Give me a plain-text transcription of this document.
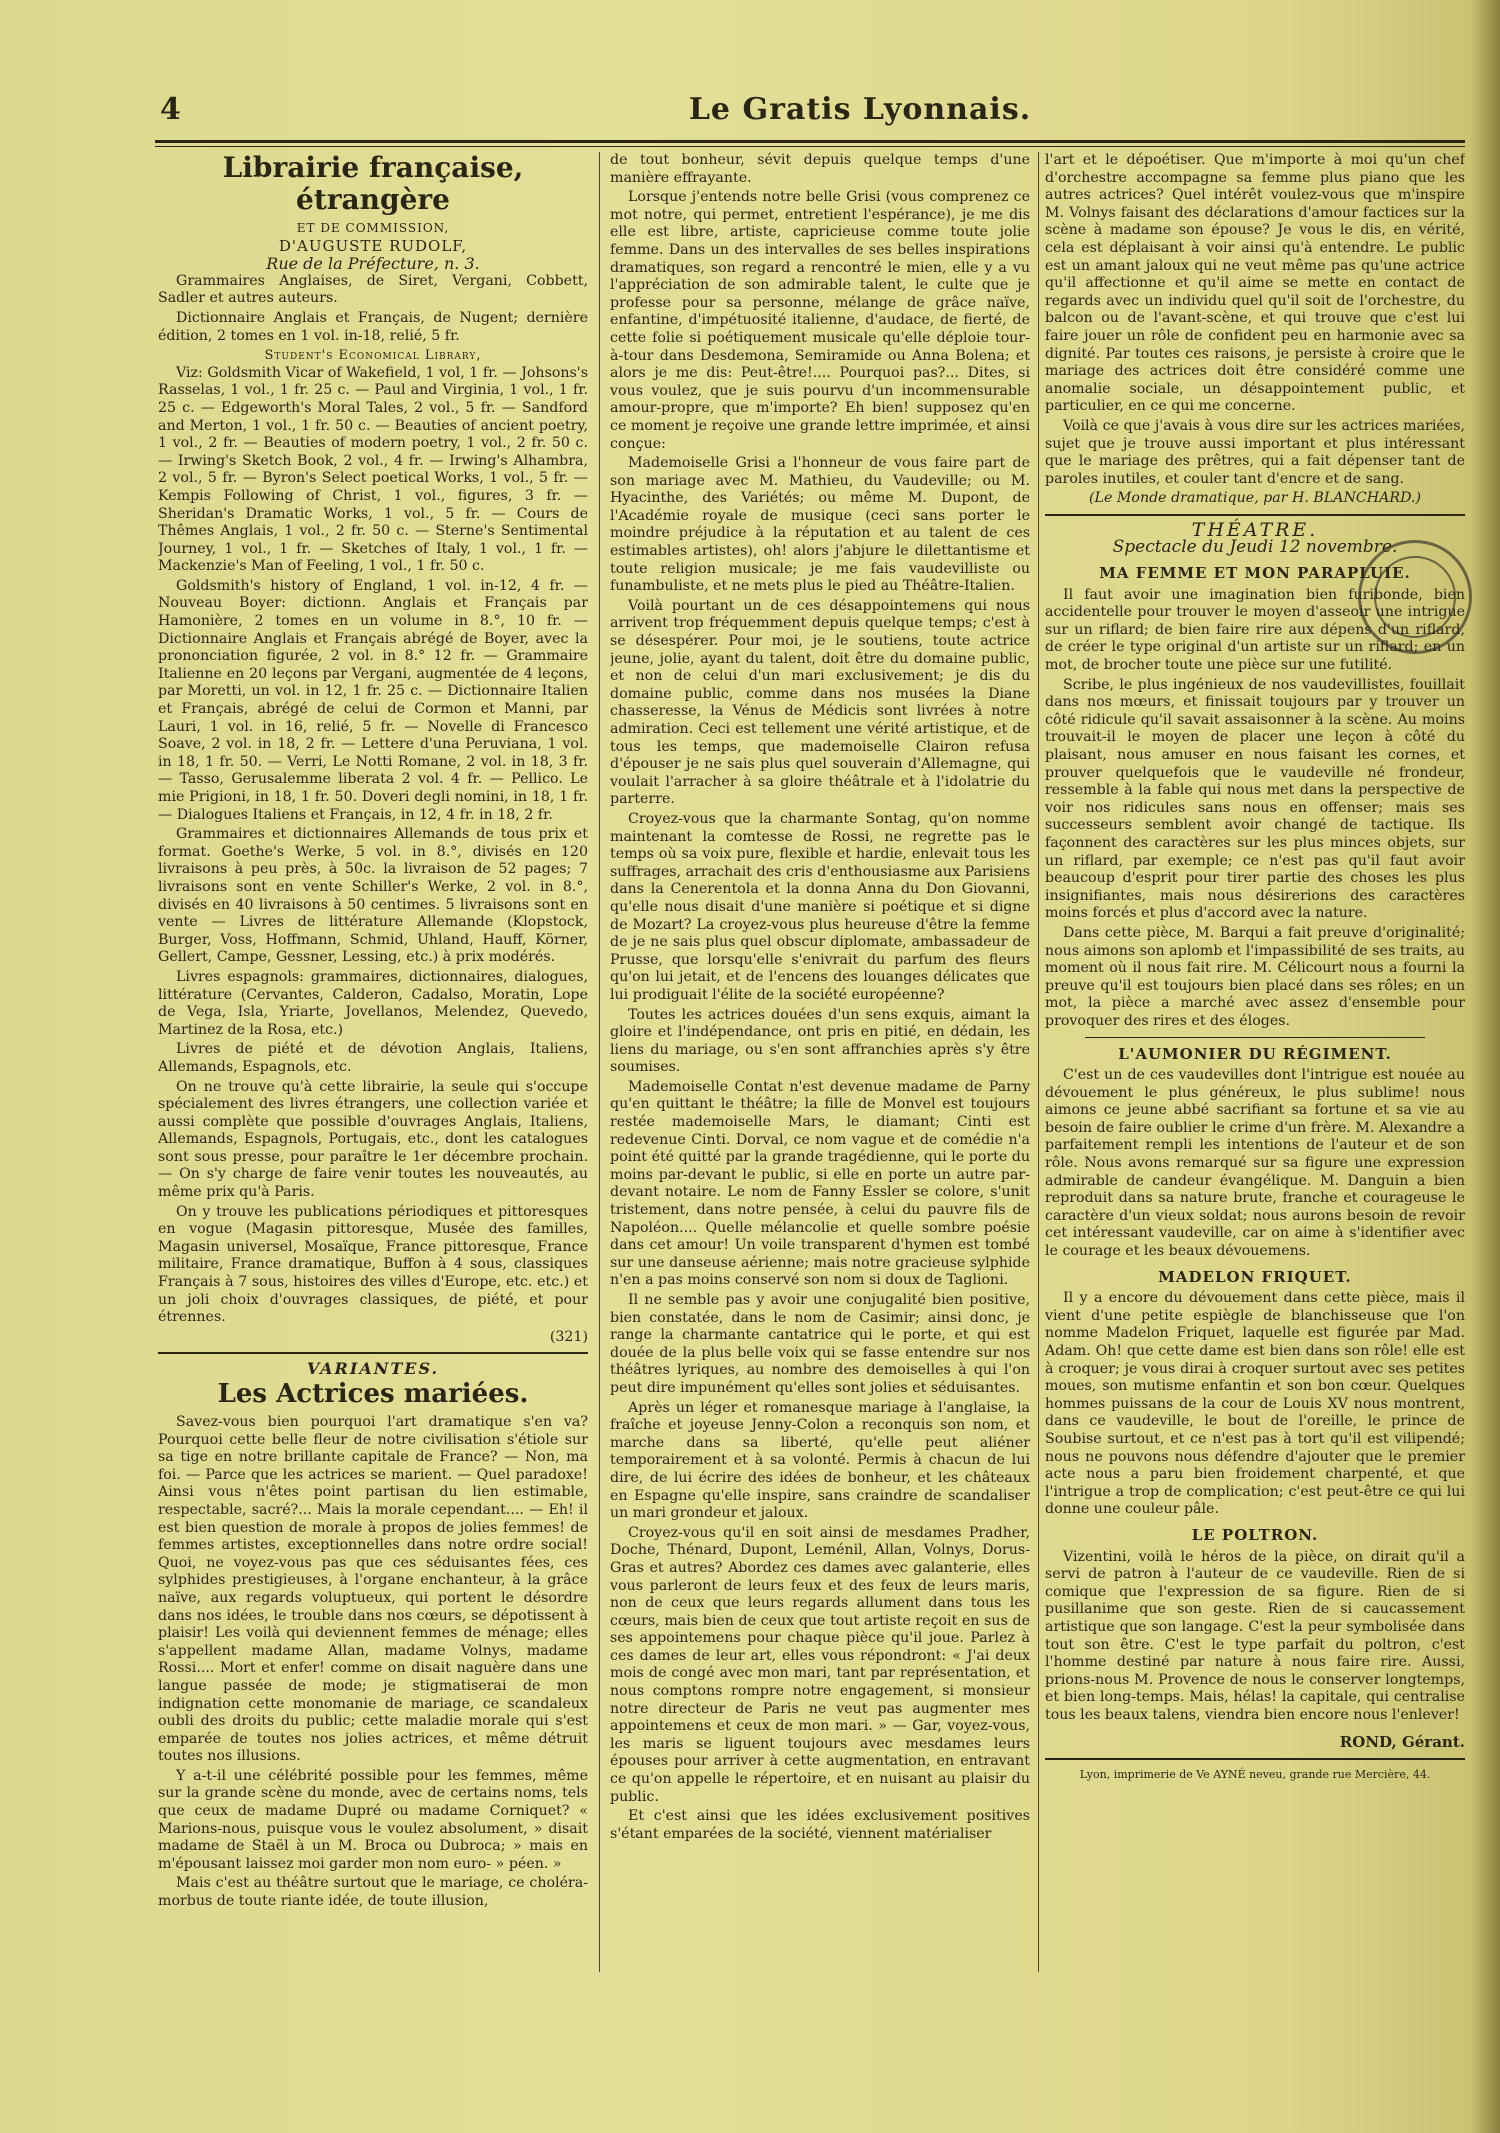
4	Le Gratis Lyonnais.
Librairie française, étrangère
ET DE COMMISSION,
D'AUGUSTE RUDOLF,
Rue de la Préfecture, n. 3.

Grammaires Anglaises, de Siret, Vergani, Cobbett, Sadler et autres auteurs.

Dictionnaire Anglais et Français, de Nugent; dernière édition, 2 tomes en 1 vol. in-18, relié, 5 fr.

Student's Economical Library,

Viz: Goldsmith Vicar of Wakefield, 1 vol, 1 fr. — Johsons's Rasselas, 1 vol., 1 fr. 25 c. — Paul and Virginia, 1 vol., 1 fr. 25 c. — Edgeworth's Moral Tales, 2 vol., 5 fr. — Sandford and Merton, 1 vol., 1 fr. 50 c. — Beauties of ancient poetry, 1 vol., 2 fr. — Beauties of modern poetry, 1 vol., 2 fr. 50 c. — Irwing's Sketch Book, 2 vol., 4 fr. — Irwing's Alhambra, 2 vol., 5 fr. — Byron's Select poetical Works, 1 vol., 5 fr. — Kempis Following of Christ, 1 vol., figures, 3 fr. — Sheridan's Dramatic Works, 1 vol., 5 fr. — Cours de Thêmes Anglais, 1 vol., 2 fr. 50 c. — Sterne's Sentimental Journey, 1 vol., 1 fr. — Sketches of Italy, 1 vol., 1 fr. — Mackenzie's Man of Feeling, 1 vol., 1 fr. 50 c.

Goldsmith's history of England, 1 vol. in-12, 4 fr. — Nouveau Boyer: dictionn. Anglais et Français par Hamonière, 2 tomes en un volume in 8.°, 10 fr. — Dictionnaire Anglais et Français abrégé de Boyer, avec la prononciation figurée, 2 vol. in 8.° 12 fr. — Grammaire Italienne en 20 leçons par Vergani, augmentée de 4 leçons, par Moretti, un vol. in 12, 1 fr. 25 c. — Dictionnaire Italien et Français, abrégé de celui de Cormon et Manni, par Lauri, 1 vol. in 16, relié, 5 fr. — Novelle di Francesco Soave, 2 vol. in 18, 2 fr. — Lettere d'una Peruviana, 1 vol. in 18, 1 fr. 50. — Verri, Le Notti Romane, 2 vol. in 18, 3 fr. — Tasso, Gerusalemme liberata 2 vol. 4 fr. — Pellico. Le mie Prigioni, in 18, 1 fr. 50. Doveri degli nomini, in 18, 1 fr. — Dialogues Italiens et Français, in 12, 4 fr. in 18, 2 fr.

Grammaires et dictionnaires Allemands de tous prix et format. Goethe's Werke, 5 vol. in 8.°, divisés en 120 livraisons à peu près, à 50c. la livraison de 52 pages; 7 livraisons sont en vente Schiller's Werke, 2 vol. in 8.°, divisés en 40 livraisons à 50 centimes. 5 livraisons sont en vente — Livres de littérature Allemande (Klopstock, Burger, Voss, Hoffmann, Schmid, Uhland, Hauff, Körner, Gellert, Campe, Gessner, Lessing, etc.) à prix modérés.

Livres espagnols: grammaires, dictionnaires, dialogues, littérature (Cervantes, Calderon, Cadalso, Moratin, Lope de Vega, Isla, Yriarte, Jovellanos, Melendez, Quevedo, Martinez de la Rosa, etc.)

Livres de piété et de dévotion Anglais, Italiens, Allemands, Espagnols, etc.

On ne trouve qu'à cette librairie, la seule qui s'occupe spécialement des livres étrangers, une collection variée et aussi complète que possible d'ouvrages Anglais, Italiens, Allemands, Espagnols, Portugais, etc., dont les catalogues sont sous presse, pour paraître le 1er décembre prochain. — On s'y charge de faire venir toutes les nouveautés, au même prix qu'à Paris.

On y trouve les publications périodiques et pittoresques en vogue (Magasin pittoresque, Musée des familles, Magasin universel, Mosaïque, France pittoresque, France militaire, France dramatique, Buffon à 4 sous, classiques Français à 7 sous, histoires des villes d'Europe, etc. etc.) et un joli choix d'ouvrages classiques, de piété, et pour étrennes.

(321)

VARIANTES.
Les Actrices mariées.

Savez-vous bien pourquoi l'art dramatique s'en va? Pourquoi cette belle fleur de notre civilisation s'étiole sur sa tige en notre brillante capitale de France? — Non, ma foi. — Parce que les actrices se marient. — Quel paradoxe! Ainsi vous n'êtes point partisan du lien estimable, respectable, sacré?... Mais la morale cependant.... — Eh! il est bien question de morale à propos de jolies femmes! de femmes artistes, exceptionnelles dans notre ordre social! Quoi, ne voyez-vous pas que ces séduisantes fées, ces sylphides prestigieuses, à l'organe enchanteur, à la grâce naïve, aux regards voluptueux, qui portent le désordre dans nos idées, le trouble dans nos cœurs, se dépotissent à plaisir! Les voilà qui deviennent femmes de ménage; elles s'appellent madame Allan, madame Volnys, madame Rossi.... Mort et enfer! comme on disait naguère dans une langue passée de mode; je stigmatiserai de mon indignation cette monomanie de mariage, ce scandaleux oubli des droits du public; cette maladie morale qui s'est emparée de toutes nos jolies actrices, et même détruit toutes nos illusions.

Y a-t-il une célébrité possible pour les femmes, même sur la grande scène du monde, avec de certains noms, tels que ceux de madame Dupré ou madame Corniquet? « Marions-nous, puisque vous le voulez absolument, » disait madame de Staël à un M. Broca ou Dubroca; » mais en m'épousant laissez moi garder mon nom euro- » péen. »

Mais c'est au théâtre surtout que le mariage, ce choléra-morbus de toute riante idée, de toute illusion,

de tout bonheur, sévit depuis quelque temps d'une manière effrayante.

Lorsque j'entends notre belle Grisi (vous comprenez ce mot notre, qui permet, entretient l'espérance), je me dis elle est libre, artiste, capricieuse comme toute jolie femme. Dans un des intervalles de ses belles inspirations dramatiques, son regard a rencontré le mien, elle y a vu l'appréciation de son admirable talent, le culte que je professe pour sa personne, mélange de grâce naïve, enfantine, d'impétuosité italienne, d'audace, de fierté, de cette folie si poétiquement musicale qu'elle déploie tour-à-tour dans Desdemona, Semiramide ou Anna Bolena; et alors je me dis: Peut-être!.... Pourquoi pas?... Dites, si vous voulez, que je suis pourvu d'un incommensurable amour-propre, que m'importe? Eh bien! supposez qu'en ce moment je reçoive une grande lettre imprimée, et ainsi conçue:

Mademoiselle Grisi a l'honneur de vous faire part de son mariage avec M. Mathieu, du Vaudeville; ou M. Hyacinthe, des Variétés; ou même M. Dupont, de l'Académie royale de musique (ceci sans porter le moindre préjudice à la réputation et au talent de ces estimables artistes), oh! alors j'abjure le dilettantisme et toute religion musicale; je me fais vaudevilliste ou funambuliste, et ne mets plus le pied au Théâtre-Italien.

Voilà pourtant un de ces désappointemens qui nous arrivent trop fréquemment depuis quelque temps; c'est à se désespérer. Pour moi, je le soutiens, toute actrice jeune, jolie, ayant du talent, doit être du domaine public, et non de celui d'un mari exclusivement; je dis du domaine public, comme dans nos musées la Diane chasseresse, la Vénus de Médicis sont livrées à notre admiration. Ceci est tellement une vérité artistique, et de tous les temps, que mademoiselle Clairon refusa d'épouser je ne sais plus quel souverain d'Allemagne, qui voulait l'arracher à sa gloire théâtrale et à l'idolatrie du parterre.

Croyez-vous que la charmante Sontag, qu'on nomme maintenant la comtesse de Rossi, ne regrette pas le temps où sa voix pure, flexible et hardie, enlevait tous les suffrages, arrachait des cris d'enthousiasme aux Parisiens dans la Cenerentola et la donna Anna du Don Giovanni, qu'elle nous disait d'une manière si poétique et si digne de Mozart? La croyez-vous plus heureuse d'être la femme de je ne sais plus quel obscur diplomate, ambassadeur de Prusse, que lorsqu'elle s'enivrait du parfum des fleurs qu'on lui jetait, et de l'encens des louanges délicates que lui prodiguait l'élite de la société européenne?

Toutes les actrices douées d'un sens exquis, aimant la gloire et l'indépendance, ont pris en pitié, en dédain, les liens du mariage, ou s'en sont affranchies après s'y être soumises.

Mademoiselle Contat n'est devenue madame de Parny qu'en quittant le théâtre; la fille de Monvel est toujours restée mademoiselle Mars, le diamant; Cinti est redevenue Cinti. Dorval, ce nom vague et de comédie n'a point été quitté par la grande tragédienne, qui le porte du moins par-devant le public, si elle en porte un autre par-devant notaire. Le nom de Fanny Essler se colore, s'unit tristement, dans notre pensée, à celui du pauvre fils de Napoléon.... Quelle mélancolie et quelle sombre poésie dans cet amour! Un voile transparent d'hymen est tombé sur une danseuse aérienne; mais notre gracieuse sylphide n'en a pas moins conservé son nom si doux de Taglioni.

Il ne semble pas y avoir une conjugalité bien positive, bien constatée, dans le nom de Casimir; ainsi donc, je range la charmante cantatrice qui le porte, et qui est douée de la plus belle voix qui se fasse entendre sur nos théâtres lyriques, au nombre des demoiselles à qui l'on peut dire impunément qu'elles sont jolies et séduisantes.

Après un léger et romanesque mariage à l'anglaise, la fraîche et joyeuse Jenny-Colon a reconquis son nom, et marche dans sa liberté, qu'elle peut aliéner temporairement et à sa volonté. Permis à chacun de lui dire, de lui écrire des idées de bonheur, et les châteaux en Espagne qu'elle inspire, sans craindre de scandaliser un mari grondeur et jaloux.

Croyez-vous qu'il en soit ainsi de mesdames Pradher, Doche, Thénard, Dupont, Leménil, Allan, Volnys, Dorus-Gras et autres? Abordez ces dames avec galanterie, elles vous parleront de leurs feux et des feux de leurs maris, non de ceux que leurs regards allument dans tous les cœurs, mais bien de ceux que tout artiste reçoit en sus de ses appointemens pour chaque pièce qu'il joue. Parlez à ces dames de leur art, elles vous répondront: « J'ai deux mois de congé avec mon mari, tant par représentation, et nous comptons rompre notre engagement, si monsieur notre directeur de Paris ne veut pas augmenter mes appointemens et ceux de mon mari. » — Gar, voyez-vous, les maris se liguent toujours avec mesdames leurs épouses pour arriver à cette augmentation, en entravant ce qu'on appelle le répertoire, et en nuisant au plaisir du public.

Et c'est ainsi que les idées exclusivement positives s'étant emparées de la société, viennent matérialiser

l'art et le dépoétiser. Que m'importe à moi qu'un chef d'orchestre accompagne sa femme plus piano que les autres actrices? Quel intérêt voulez-vous que m'inspire M. Volnys faisant des déclarations d'amour factices sur la scène à madame son épouse? Je vous le dis, en vérité, cela est déplaisant à voir ainsi qu'à entendre. Le public est un amant jaloux qui ne veut même pas qu'une actrice qu'il affectionne et qu'il aime se mette en contact de regards avec un individu quel qu'il soit de l'orchestre, du balcon ou de l'avant-scène, et qui trouve que c'est lui faire jouer un rôle de confident peu en harmonie avec sa dignité. Par toutes ces raisons, je persiste à croire que le mariage des actrices doit être considéré comme une anomalie sociale, un désappointement public, et particulier, en ce qui me concerne.

Voilà ce que j'avais à vous dire sur les actrices mariées, sujet que je trouve aussi important et plus intéressant que le mariage des prêtres, qui a fait dépenser tant de paroles inutiles, et couler tant d'encre et de sang.

(Le Monde dramatique, par H. BLANCHARD.)

THÉATRE.
Spectacle du Jeudi 12 novembre.
MA FEMME ET MON PARAPLUIE.

Il faut avoir une imagination bien furibonde, bien accidentelle pour trouver le moyen d'asseoir une intrigue sur un riflard; de bien faire rire aux dépens d'un riflard, de créer le type original d'un artiste sur un riflard; en un mot, de brocher toute une pièce sur une futilité.

Scribe, le plus ingénieux de nos vaudevillistes, fouillait dans nos mœurs, et finissait toujours par y trouver un côté ridicule qu'il savait assaisonner à la scène. Au moins trouvait-il le moyen de placer une leçon à côté du plaisant, nous amuser en nous faisant les cornes, et prouver quelquefois que le vaudeville né frondeur, ressemble à la fable qui nous met dans la perspective de voir nos ridicules sans nous en offenser; mais ses successeurs semblent avoir changé de tactique. Ils façonnent des caractères sur les plus minces objets, sur un riflard, par exemple; ce n'est pas qu'il faut avoir beaucoup d'esprit pour tirer partie des choses les plus insignifiantes, mais nous désirerions des caractères moins forcés et plus d'accord avec la nature.

Dans cette pièce, M. Barqui a fait preuve d'originalité; nous aimons son aplomb et l'impassibilité de ses traits, au moment où il nous fait rire. M. Célicourt nous a fourni la preuve qu'il est toujours bien placé dans ses rôles; en un mot, la pièce a marché avec assez d'ensemble pour provoquer des rires et des éloges.

L'AUMONIER DU RÉGIMENT.

C'est un de ces vaudevilles dont l'intrigue est nouée au dévouement le plus généreux, le plus sublime! nous aimons ce jeune abbé sacrifiant sa fortune et sa vie au besoin de faire oublier le crime d'un frère. M. Alexandre a parfaitement rempli les intentions de l'auteur et de son rôle. Nous avons remarqué sur sa figure une expression admirable de candeur évangélique. M. Danguin a bien reproduit dans sa nature brute, franche et courageuse le caractère d'un vieux soldat; nous aurons besoin de revoir cet intéressant vaudeville, car on aime à s'identifier avec le courage et les beaux dévouemens.

MADELON FRIQUET.

Il y a encore du dévouement dans cette pièce, mais il vient d'une petite espiègle de blanchisseuse que l'on nomme Madelon Friquet, laquelle est figurée par Mad. Adam. Oh! que cette dame est bien dans son rôle! elle est à croquer; je vous dirai à croquer surtout avec ses petites moues, son mutisme enfantin et son bon cœur. Quelques hommes puissans de la cour de Louis XV nous montrent, dans ce vaudeville, le bout de l'oreille, le prince de Soubise surtout, et ce n'est pas à tort qu'il est vilipendé; nous ne pouvons nous défendre d'ajouter que le premier acte nous a paru bien froidement charpenté, et que l'intrigue a trop de complication; c'est peut-être ce qui lui donne une couleur pâle.

LE POLTRON.

Vizentini, voilà le héros de la pièce, on dirait qu'il a servi de patron à l'auteur de ce vaudeville. Rien de si comique que l'expression de sa figure. Rien de si pusillanime que son geste. Rien de si caucassement artistique que son langage. C'est la peur symbolisée dans tout son être. C'est le type parfait du poltron, c'est l'homme destiné par nature à nous faire rire. Aussi, prions-nous M. Provence de nous le conserver longtemps, et bien long-temps. Mais, hélas! la capitale, qui centralise tous les beaux talens, viendra bien encore nous l'enlever!

ROND, Gérant.
Lyon, imprimerie de Ve AYNÉ neveu, grande rue Mercière, 44.
